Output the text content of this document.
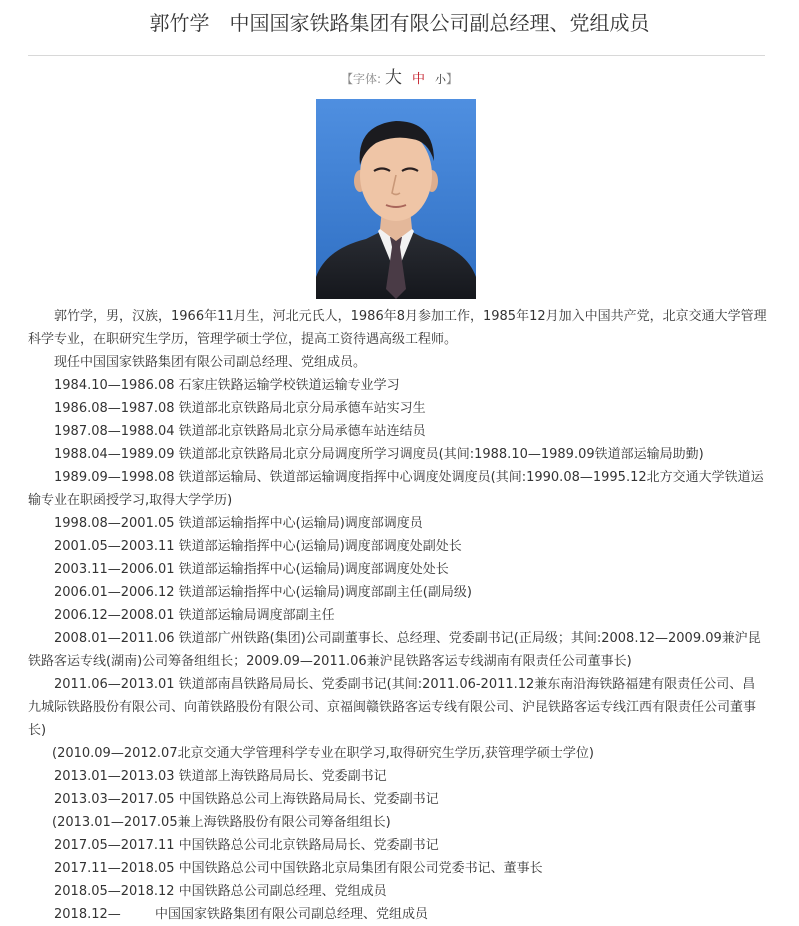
郭竹学　中国国家铁路集团有限公司副总经理、党组成员
【字体: 大 中 小】

郭竹学，男，汉族，1966年11月生，河北元氏人，1986年8月参加工作，1985年12月加入中国共产党，北京交通大学管理科学专业，在职研究生学历，管理学硕士学位，提高工资待遇高级工程师。

现任中国国家铁路集团有限公司副总经理、党组成员。

1984.10—1986.08 石家庄铁路运输学校铁道运输专业学习

1986.08—1987.08 铁道部北京铁路局北京分局承德车站实习生

1987.08—1988.04 铁道部北京铁路局北京分局承德车站连结员

1988.04—1989.09 铁道部北京铁路局北京分局调度所学习调度员(其间:1988.10—1989.09铁道部运输局助勤)

1989.09—1998.08 铁道部运输局、铁道部运输调度指挥中心调度处调度员(其间:1990.08—1995.12北方交通大学铁道运输专业在职函授学习,取得大学学历)

1998.08—2001.05 铁道部运输指挥中心(运输局)调度部调度员

2001.05—2003.11 铁道部运输指挥中心(运输局)调度部调度处副处长

2003.11—2006.01 铁道部运输指挥中心(运输局)调度部调度处处长

2006.01—2006.12 铁道部运输指挥中心(运输局)调度部副主任(副局级)

2006.12—2008.01 铁道部运输局调度部副主任

2008.01—2011.06 铁道部广州铁路(集团)公司副董事长、总经理、党委副书记(正局级；其间:2008.12—2009.09兼沪昆铁路客运专线(湖南)公司筹备组组长；2009.09—2011.06兼沪昆铁路客运专线湖南有限责任公司董事长)

2011.06—2013.01 铁道部南昌铁路局局长、党委副书记(其间:2011.06-2011.12兼东南沿海铁路福建有限责任公司、昌九城际铁路股份有限公司、向莆铁路股份有限公司、京福闽赣铁路客运专线有限公司、沪昆铁路客运专线江西有限责任公司董事长)

(2010.09—2012.07北京交通大学管理科学专业在职学习,取得研究生学历,获管理学硕士学位)

2013.01—2013.03 铁道部上海铁路局局长、党委副书记

2013.03—2017.05 中国铁路总公司上海铁路局局长、党委副书记

(2013.01—2017.05兼上海铁路股份有限公司筹备组组长)

2017.05—2017.11 中国铁路总公司北京铁路局局长、党委副书记

2017.11—2018.05 中国铁路总公司中国铁路北京局集团有限公司党委书记、董事长

2018.05—2018.12 中国铁路总公司副总经理、党组成员

2018.12— 　　 中国国家铁路集团有限公司副总经理、党组成员
